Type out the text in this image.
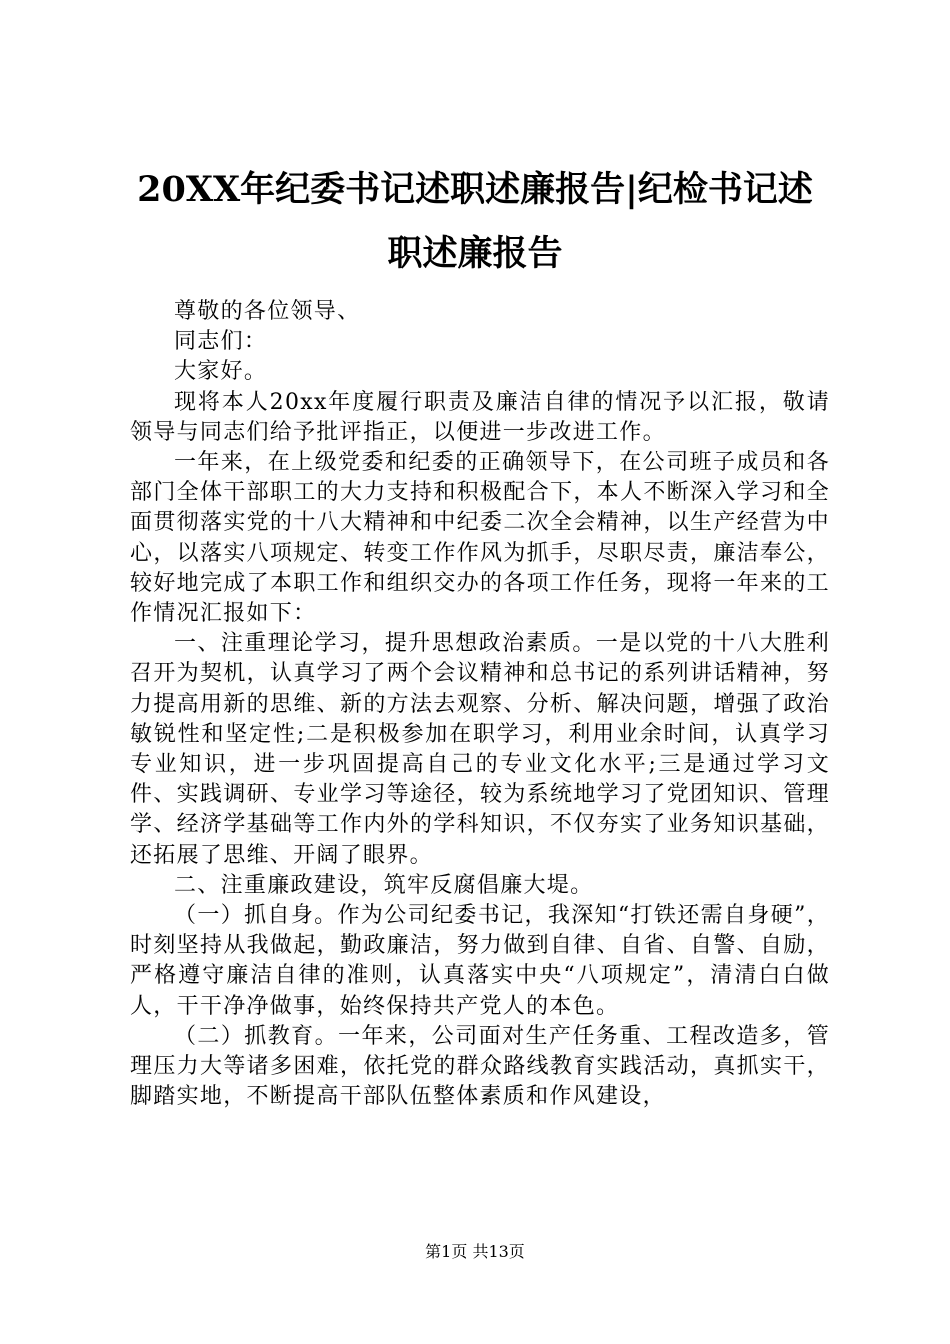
20XX年纪委书记述职述廉报告|纪检书记述职述廉报告

尊敬的各位领导、

同志们：

大家好。

现将本人20xx年度履行职责及廉洁自律的情况予以汇报，敬请领导与同志们给予批评指正，以便进一步改进工作。

一年来，在上级党委和纪委的正确领导下，在公司班子成员和各部门全体干部职工的大力支持和积极配合下，本人不断深入学习和全面贯彻落实党的十八大精神和中纪委二次全会精神，以生产经营为中心，以落实八项规定、转变工作作风为抓手，尽职尽责，廉洁奉公，较好地完成了本职工作和组织交办的各项工作任务，现将一年来的工作情况汇报如下：

一、注重理论学习，提升思想政治素质。一是以党的十八大胜利召开为契机，认真学习了两个会议精神和总书记的系列讲话精神，努力提高用新的思维、新的方法去观察、分析、解决问题，增强了政治敏锐性和坚定性;二是积极参加在职学习，利用业余时间，认真学习专业知识，进一步巩固提高自己的专业文化水平;三是通过学习文件、实践调研、专业学习等途径，较为系统地学习了党团知识、管理学、经济学基础等工作内外的学科知识，不仅夯实了业务知识基础，还拓展了思维、开阔了眼界。

二、注重廉政建设，筑牢反腐倡廉大堤。

（一）抓自身。作为公司纪委书记，我深知“打铁还需自身硬”，时刻坚持从我做起，勤政廉洁，努力做到自律、自省、自警、自励，严格遵守廉洁自律的准则，认真落实中央“八项规定”，清清白白做人，干干净净做事，始终保持共产党人的本色。

（二）抓教育。一年来，公司面对生产任务重、工程改造多，管理压力大等诸多困难，依托党的群众路线教育实践活动，真抓实干，脚踏实地，不断提高干部队伍整体素质和作风建设，

第1页 共13页
